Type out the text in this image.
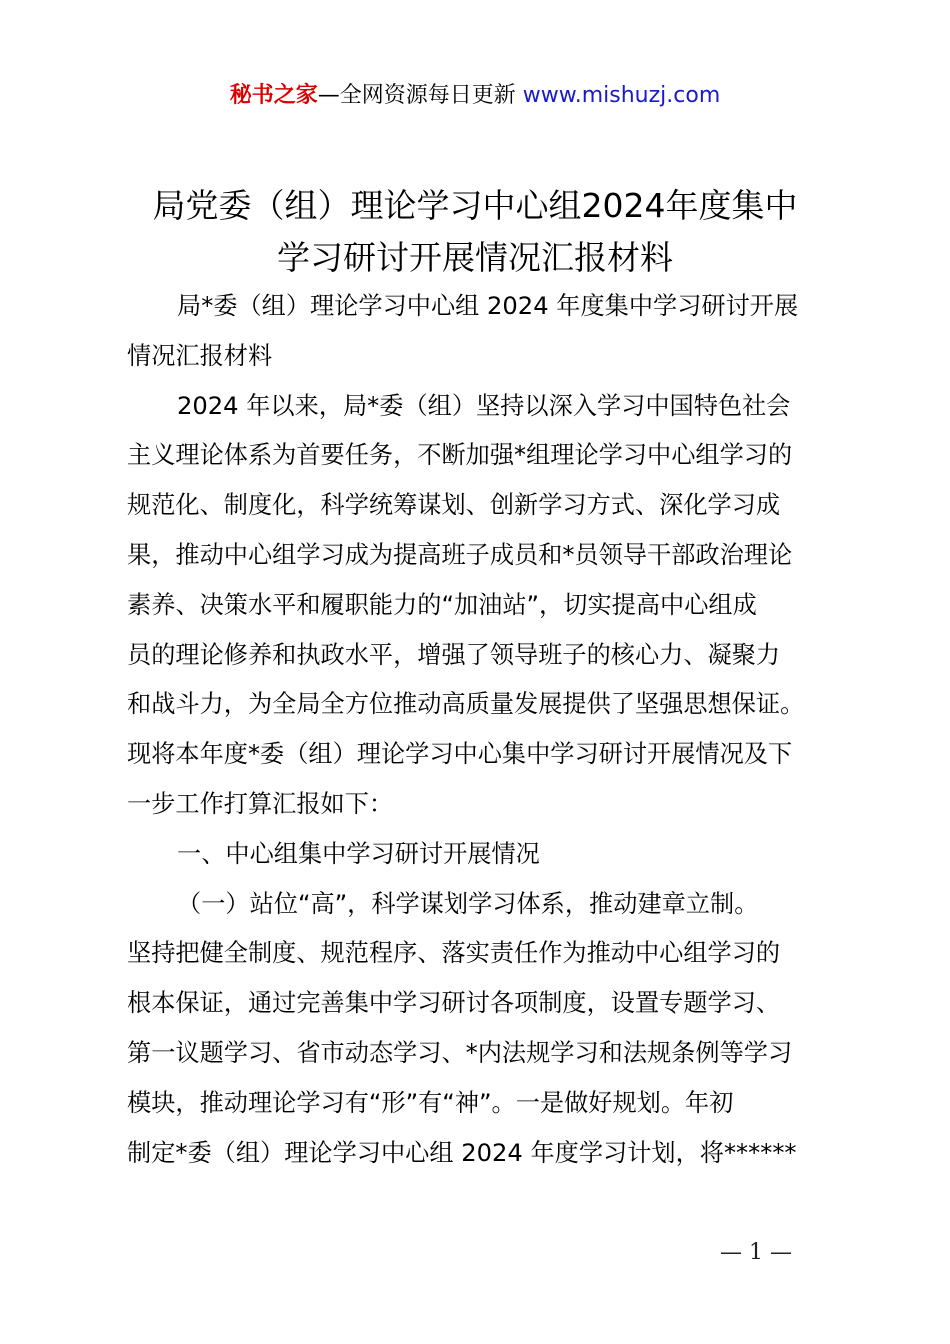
秘书之家—全网资源每日更新 www.mishuzj.com
局党委（组）理论学习中心组2024年度集中
学习研讨开展情况汇报材料
局*委（组）理论学习中心组 2024 年度集中学习研讨开展
情况汇报材料
2024 年以来，局*委（组）坚持以深入学习中国特色社会
主义理论体系为首要任务，不断加强*组理论学习中心组学习的
规范化、制度化，科学统筹谋划、创新学习方式、深化学习成
果，推动中心组学习成为提高班子成员和*员领导干部政治理论
素养、决策水平和履职能力的“加油站”，切实提高中心组成
员的理论修养和执政水平，增强了领导班子的核心力、凝聚力
和战斗力，为全局全方位推动高质量发展提供了坚强思想保证。
现将本年度*委（组）理论学习中心集中学习研讨开展情况及下
一步工作打算汇报如下：
一、中心组集中学习研讨开展情况
（一）站位“高”，科学谋划学习体系，推动建章立制。
坚持把健全制度、规范程序、落实责任作为推动中心组学习的
根本保证，通过完善集中学习研讨各项制度，设置专题学习、
第一议题学习、省市动态学习、*内法规学习和法规条例等学习
模块，推动理论学习有“形”有“神”。一是做好规划。年初
制定*委（组）理论学习中心组 2024 年度学习计划，将******
— 1 —
